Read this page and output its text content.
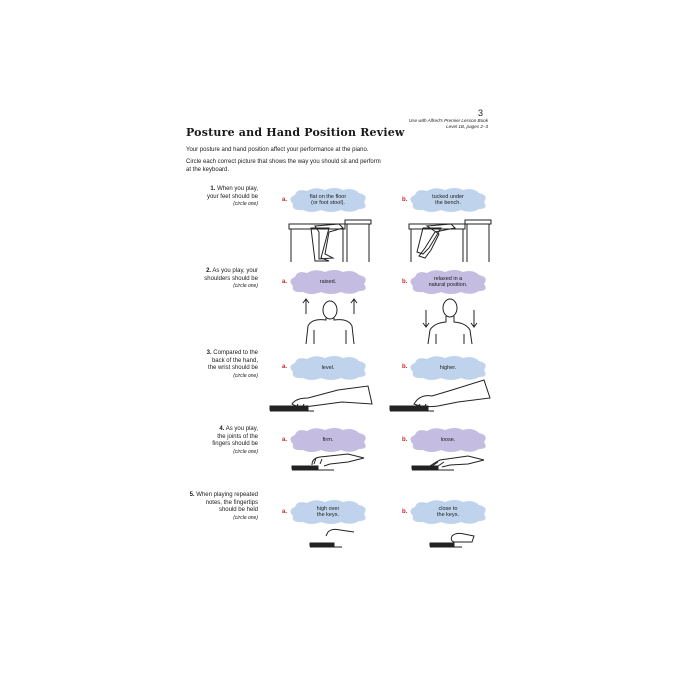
3
Use with Alfred's Premier Lesson Book
Level 1B, pages 2–3
Posture and Hand Position Review
Your posture and hand position affect your performance at the piano.
Circle each correct picture that shows the way you should sit and perform
at the keyboard.
1. When you play,
your feet should be
(circle one)
2. As you play, your
shoulders should be
(circle one)
3. Compared to the
back of the hand,
the wrist should be
(circle one)
4. As you play,
the joints of the
fingers should be
(circle one)
5. When playing repeated
notes, the fingertips
should be held
(circle one)
a.
flat on the floor
(or foot stool).	b.
tucked under
the bench.
a.	raised.	b.
relaxed in a
natural position.
a.	level.	b.	higher.
a.	firm.	b.	loose.
a.
high over
the keys.	b.
close to
the keys.
